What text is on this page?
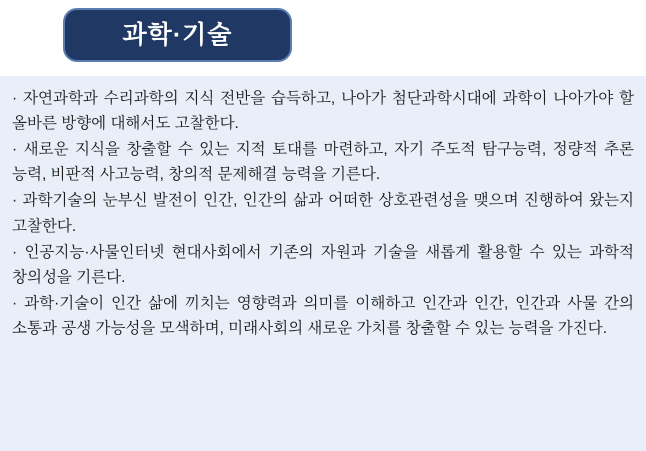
과학·기술

· 자연과학과 수리과학의 지식 전반을 습득하고, 나아가 첨단과학시대에 과학이 나아가야 할 올바른 방향에 대해서도 고찰한다.

· 새로운 지식을 창출할 수 있는 지적 토대를 마련하고, 자기 주도적 탐구능력, 정량적 추론 능력, 비판적 사고능력, 창의적 문제해결 능력을 기른다.

· 과학기술의 눈부신 발전이 인간, 인간의 삶과 어떠한 상호관련성을 맺으며 진행하여 왔는지 고찰한다.

· 인공지능·사물인터넷 현대사회에서 기존의 자원과 기술을 새롭게 활용할 수 있는 과학적 창의성을 기른다.

· 과학·기술이 인간 삶에 끼치는 영향력과 의미를 이해하고 인간과 인간, 인간과 사물 간의 소통과 공생 가능성을 모색하며, 미래사회의 새로운 가치를 창출할 수 있는 능력을 가진다.
